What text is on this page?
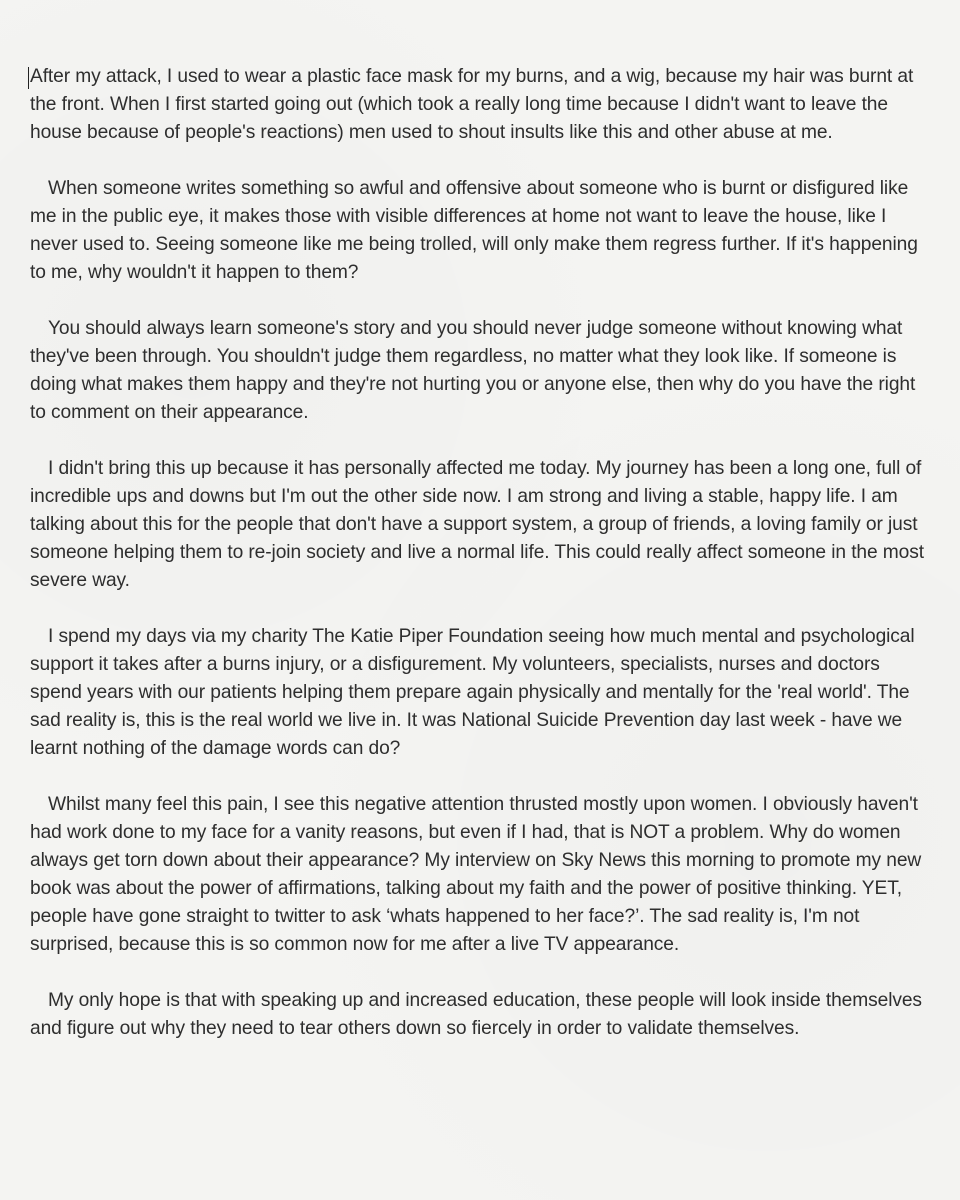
After my attack, I used to wear a plastic face mask for my burns, and a wig, because my hair was burnt at the front. When I first started going out (which took a really long time because I didn't want to leave the house because of people's reactions) men used to shout insults like this and other abuse at me.

When someone writes something so awful and offensive about someone who is burnt or disfigured like me in the public eye, it makes those with visible differences at home not want to leave the house, like I never used to. Seeing someone like me being trolled, will only make them regress further. If it's happening to me, why wouldn't it happen to them?

You should always learn someone's story and you should never judge someone without knowing what they've been through. You shouldn't judge them regardless, no matter what they look like. If someone is doing what makes them happy and they're not hurting you or anyone else, then why do you have the right to comment on their appearance.

I didn't bring this up because it has personally affected me today. My journey has been a long one, full of incredible ups and downs but I'm out the other side now. I am strong and living a stable, happy life. I am talking about this for the people that don't have a support system, a group of friends, a loving family or just someone helping them to re-join society and live a normal life. This could really affect someone in the most severe way.

I spend my days via my charity The Katie Piper Foundation seeing how much mental and psychological support it takes after a burns injury, or a disfigurement. My volunteers, specialists, nurses and doctors spend years with our patients helping them prepare again physically and mentally for the 'real world'. The sad reality is, this is the real world we live in. It was National Suicide Prevention day last week - have we learnt nothing of the damage words can do?

Whilst many feel this pain, I see this negative attention thrusted mostly upon women. I obviously haven't had work done to my face for a vanity reasons, but even if I had, that is NOT a problem. Why do women always get torn down about their appearance? My interview on Sky News this morning to promote my new book was about the power of affirmations, talking about my faith and the power of positive thinking. YET, people have gone straight to twitter to ask ‘whats happened to her face?’. The sad reality is, I'm not surprised, because this is so common now for me after a live TV appearance.

My only hope is that with speaking up and increased education, these people will look inside themselves and figure out why they need to tear others down so fiercely in order to validate themselves.
